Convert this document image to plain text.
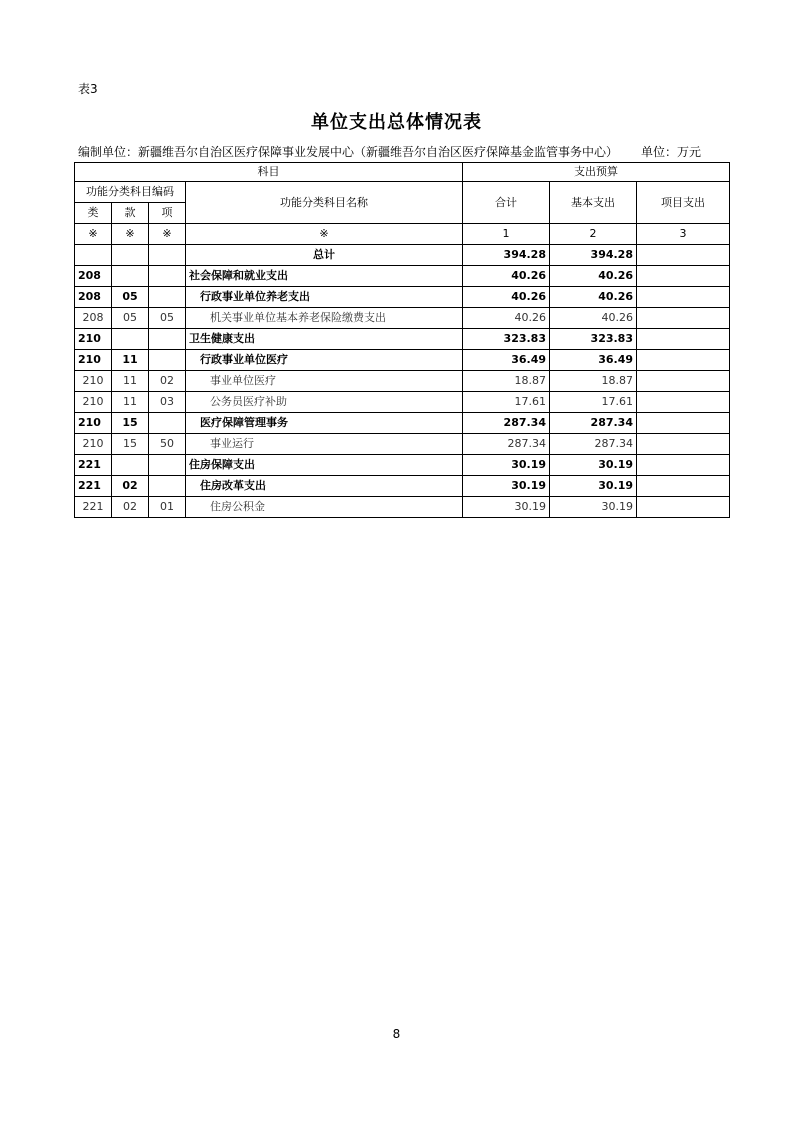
表3
单位支出总体情况表
编制单位：新疆维吾尔自治区医疗保障事业发展中心（新疆维吾尔自治区医疗保障基金监管事务中心） 单位：万元
科目				支出预算		
功能分类科目编码			功能分类科目名称	合计	基本支出	项目支出
类	款	项				
※	※	※	※	1	2	3
			总计	394.28	394.28	
208			社会保障和就业支出	40.26	40.26	
208	05		行政事业单位养老支出	40.26	40.26	
208	05	05	机关事业单位基本养老保险缴费支出	40.26	40.26	
210			卫生健康支出	323.83	323.83	
210	11		行政事业单位医疗	36.49	36.49	
210	11	02	事业单位医疗	18.87	18.87	
210	11	03	公务员医疗补助	17.61	17.61	
210	15		医疗保障管理事务	287.34	287.34	
210	15	50	事业运行	287.34	287.34	
221			住房保障支出	30.19	30.19	
221	02		住房改革支出	30.19	30.19	
221	02	01	住房公积金	30.19	30.19	
8
